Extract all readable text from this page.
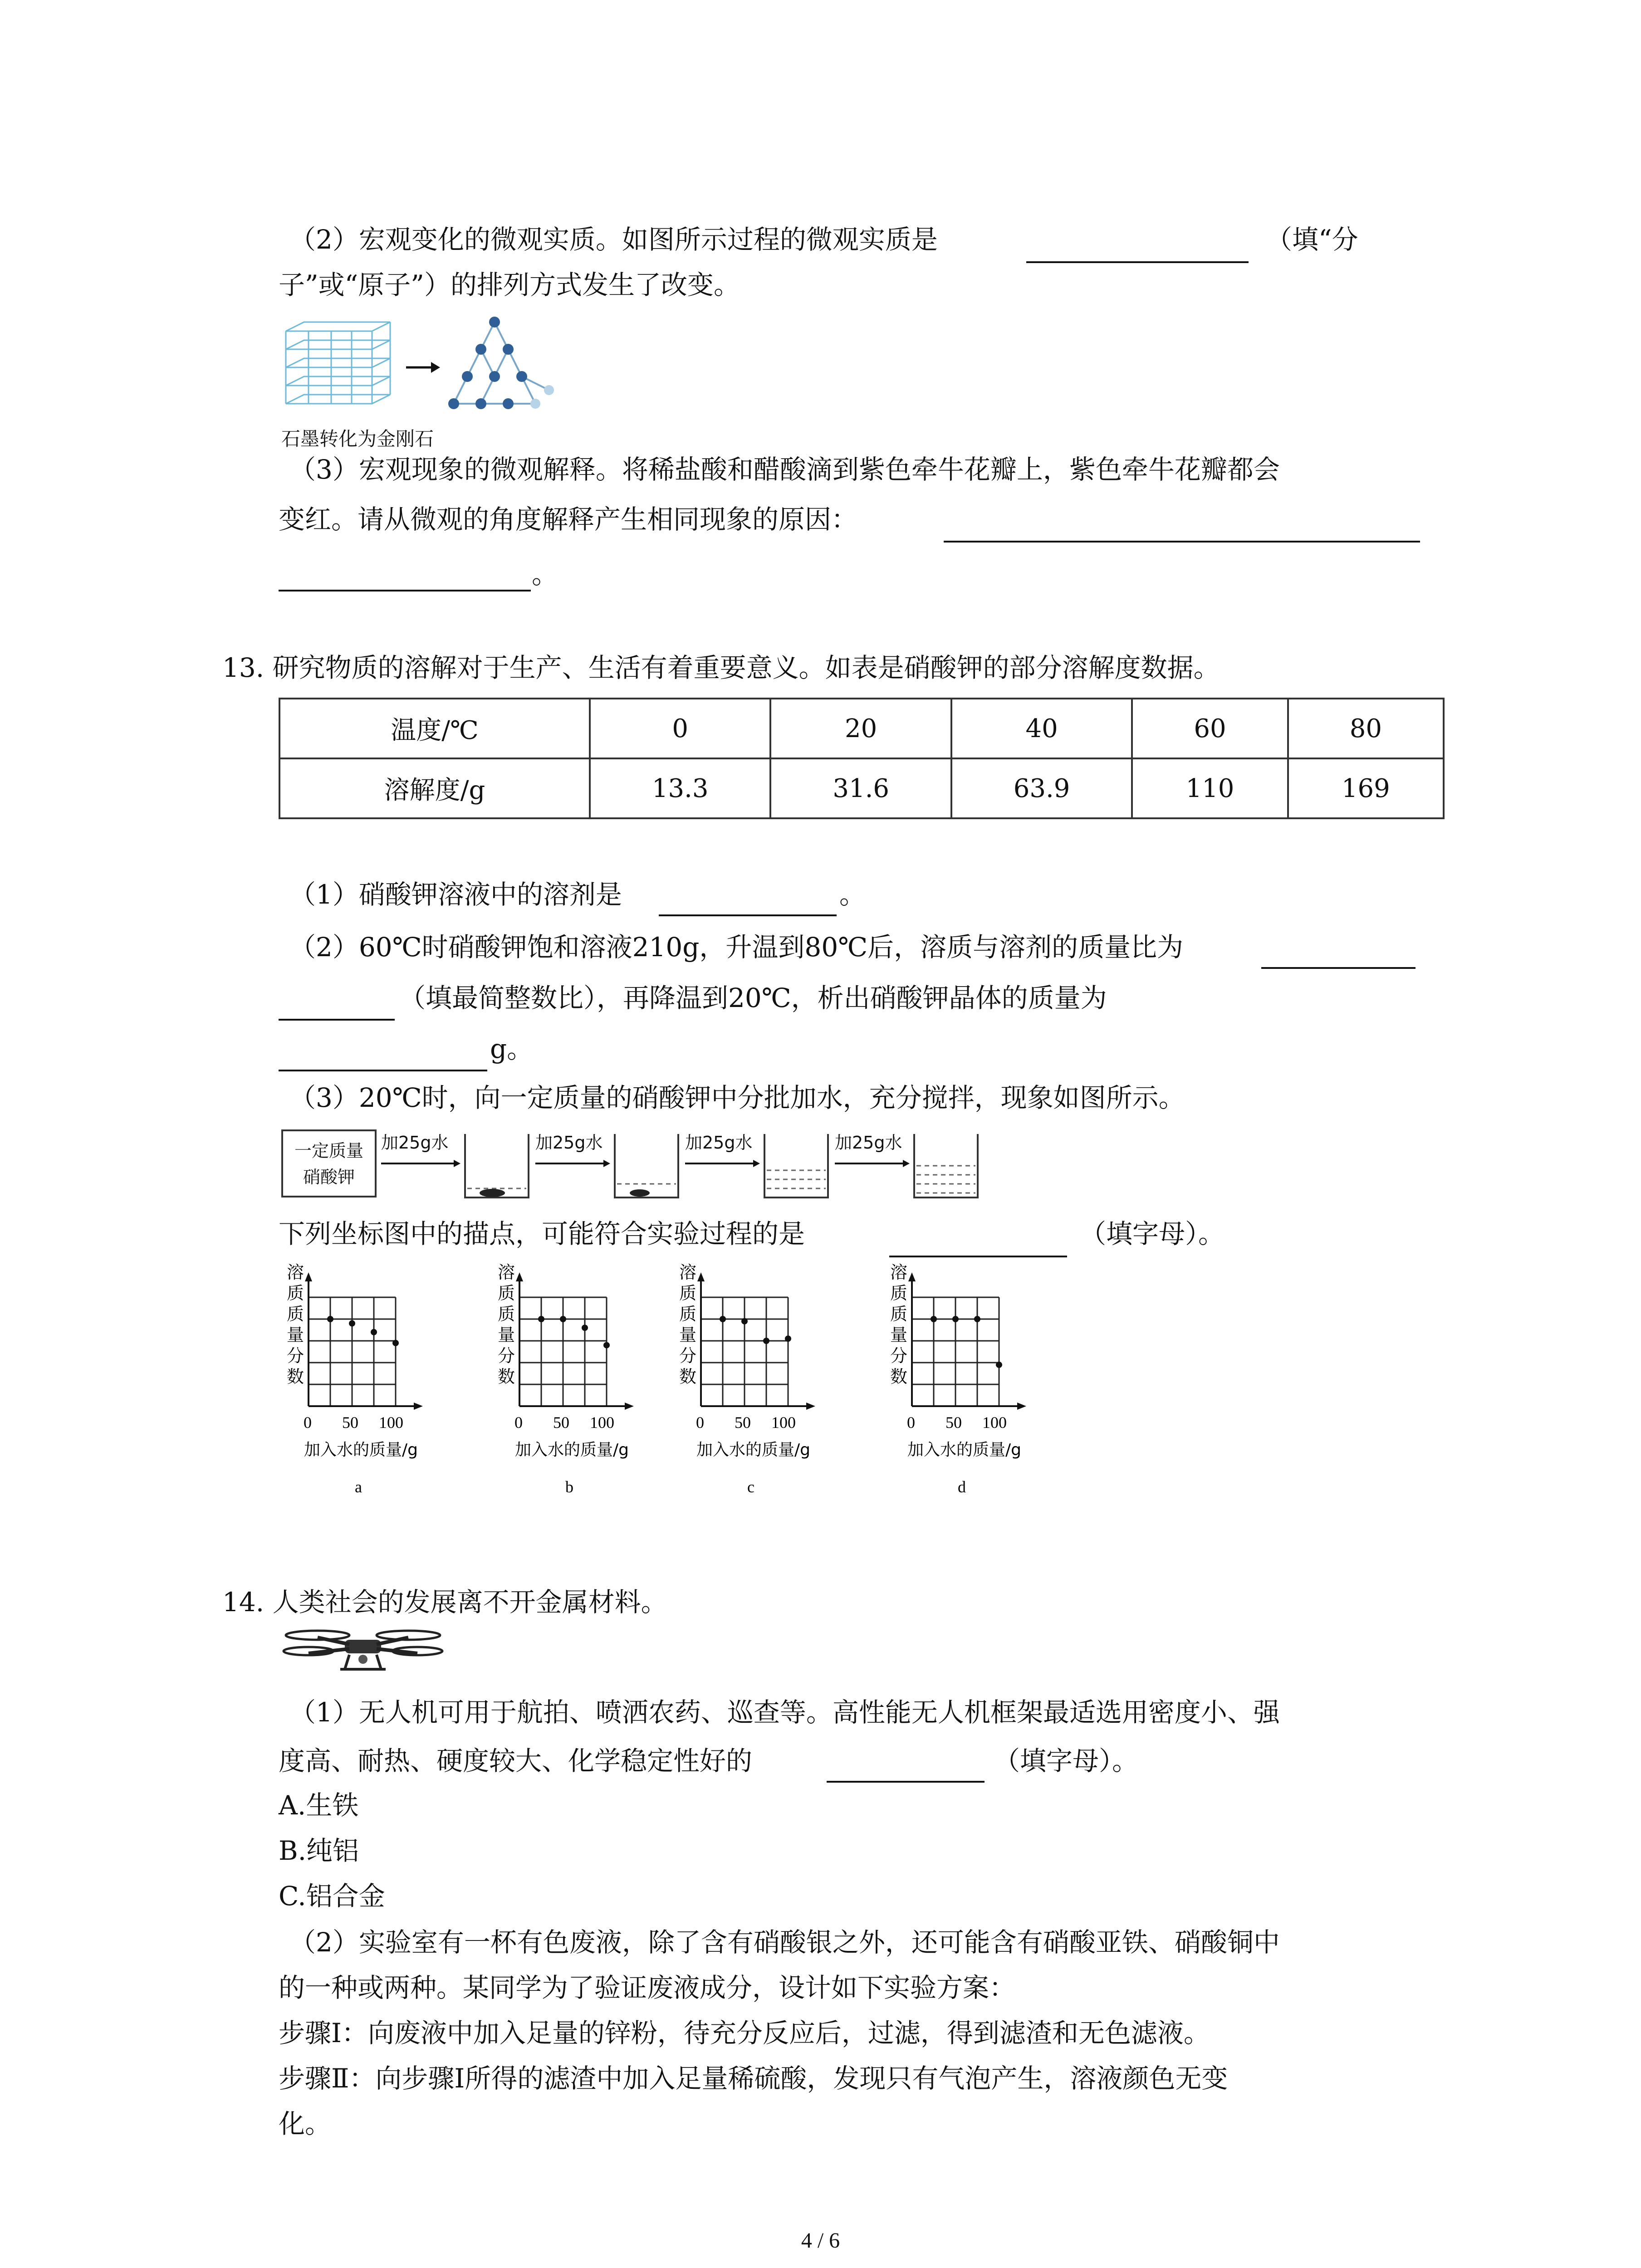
（2）宏观变化的微观实质。如图所示过程的微观实质是	（填“分
子”或“原子”）的排列方式发生了改变。
石墨转化为金刚石
（3）宏观现象的微观解释。将稀盐酸和醋酸滴到紫色牵牛花瓣上，紫色牵牛花瓣都会
变红。请从微观的角度解释产生相同现象的原因：
。
13. 研究物质的溶解对于生产、生活有着重要意义。如表是硝酸钾的部分溶解度数据。
温度/℃	0	20	40	60	80
溶解度/g	13.3	31.6	63.9	110	169
（1）硝酸钾溶液中的溶剂是	。
（2）60℃时硝酸钾饱和溶液210g，升温到80℃后，溶质与溶剂的质量比为
（填最简整数比），再降温到20℃，析出硝酸钾晶体的质量为
g。
（3）20℃时，向一定质量的硝酸钾中分批加水，充分搅拌，现象如图所示。
一定质量
硝酸钾
加25g水	加25g水	加25g水	加25g水
下列坐标图中的描点，可能符合实验过程的是	（填字母）。
溶
质
质
量
分
数
0 50 100
加入水的质量/g
a
溶
质
质
量
分
数
0 50 100
加入水的质量/g
b
溶
质
质
量
分
数
0 50 100
加入水的质量/g
c
溶
质
质
量
分
数
0 50 100
加入水的质量/g
d
14. 人类社会的发展离不开金属材料。
（1）无人机可用于航拍、喷洒农药、巡查等。高性能无人机框架最适选用密度小、强
度高、耐热、硬度较大、化学稳定性好的	（填字母）。
A.生铁
B.纯铝
C.铝合金
（2）实验室有一杯有色废液，除了含有硝酸银之外，还可能含有硝酸亚铁、硝酸铜中
的一种或两种。某同学为了验证废液成分，设计如下实验方案：
步骤Ⅰ：向废液中加入足量的锌粉，待充分反应后，过滤，得到滤渣和无色滤液。
步骤Ⅱ：向步骤Ⅰ所得的滤渣中加入足量稀硫酸，发现只有气泡产生，溶液颜色无变
化。
4 / 6
